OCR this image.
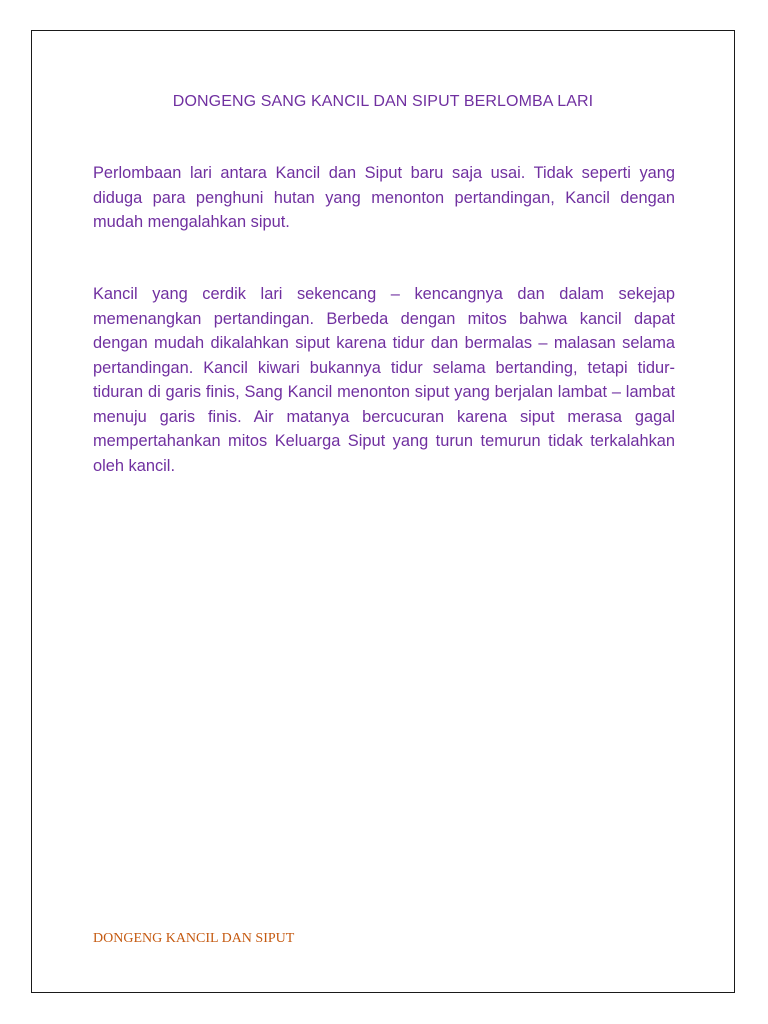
DONGENG SANG KANCIL DAN SIPUT BERLOMBA LARI

Perlombaan lari antara Kancil dan Siput baru saja usai. Tidak seperti yang diduga para penghuni hutan yang menonton pertandingan, Kancil dengan mudah mengalahkan siput.

Kancil yang cerdik lari sekencang – kencangnya dan dalam sekejap memenangkan pertandingan. Berbeda dengan mitos bahwa kancil dapat dengan mudah dikalahkan siput karena tidur dan bermalas – malasan selama pertandingan. Kancil kiwari bukannya tidur selama bertanding, tetapi tidur- tiduran di garis finis, Sang Kancil menonton siput yang berjalan lambat – lambat menuju garis finis. Air matanya bercucuran karena siput merasa gagal mempertahankan mitos Keluarga Siput yang turun temurun tidak terkalahkan oleh kancil.

DONGENG KANCIL DAN SIPUT
